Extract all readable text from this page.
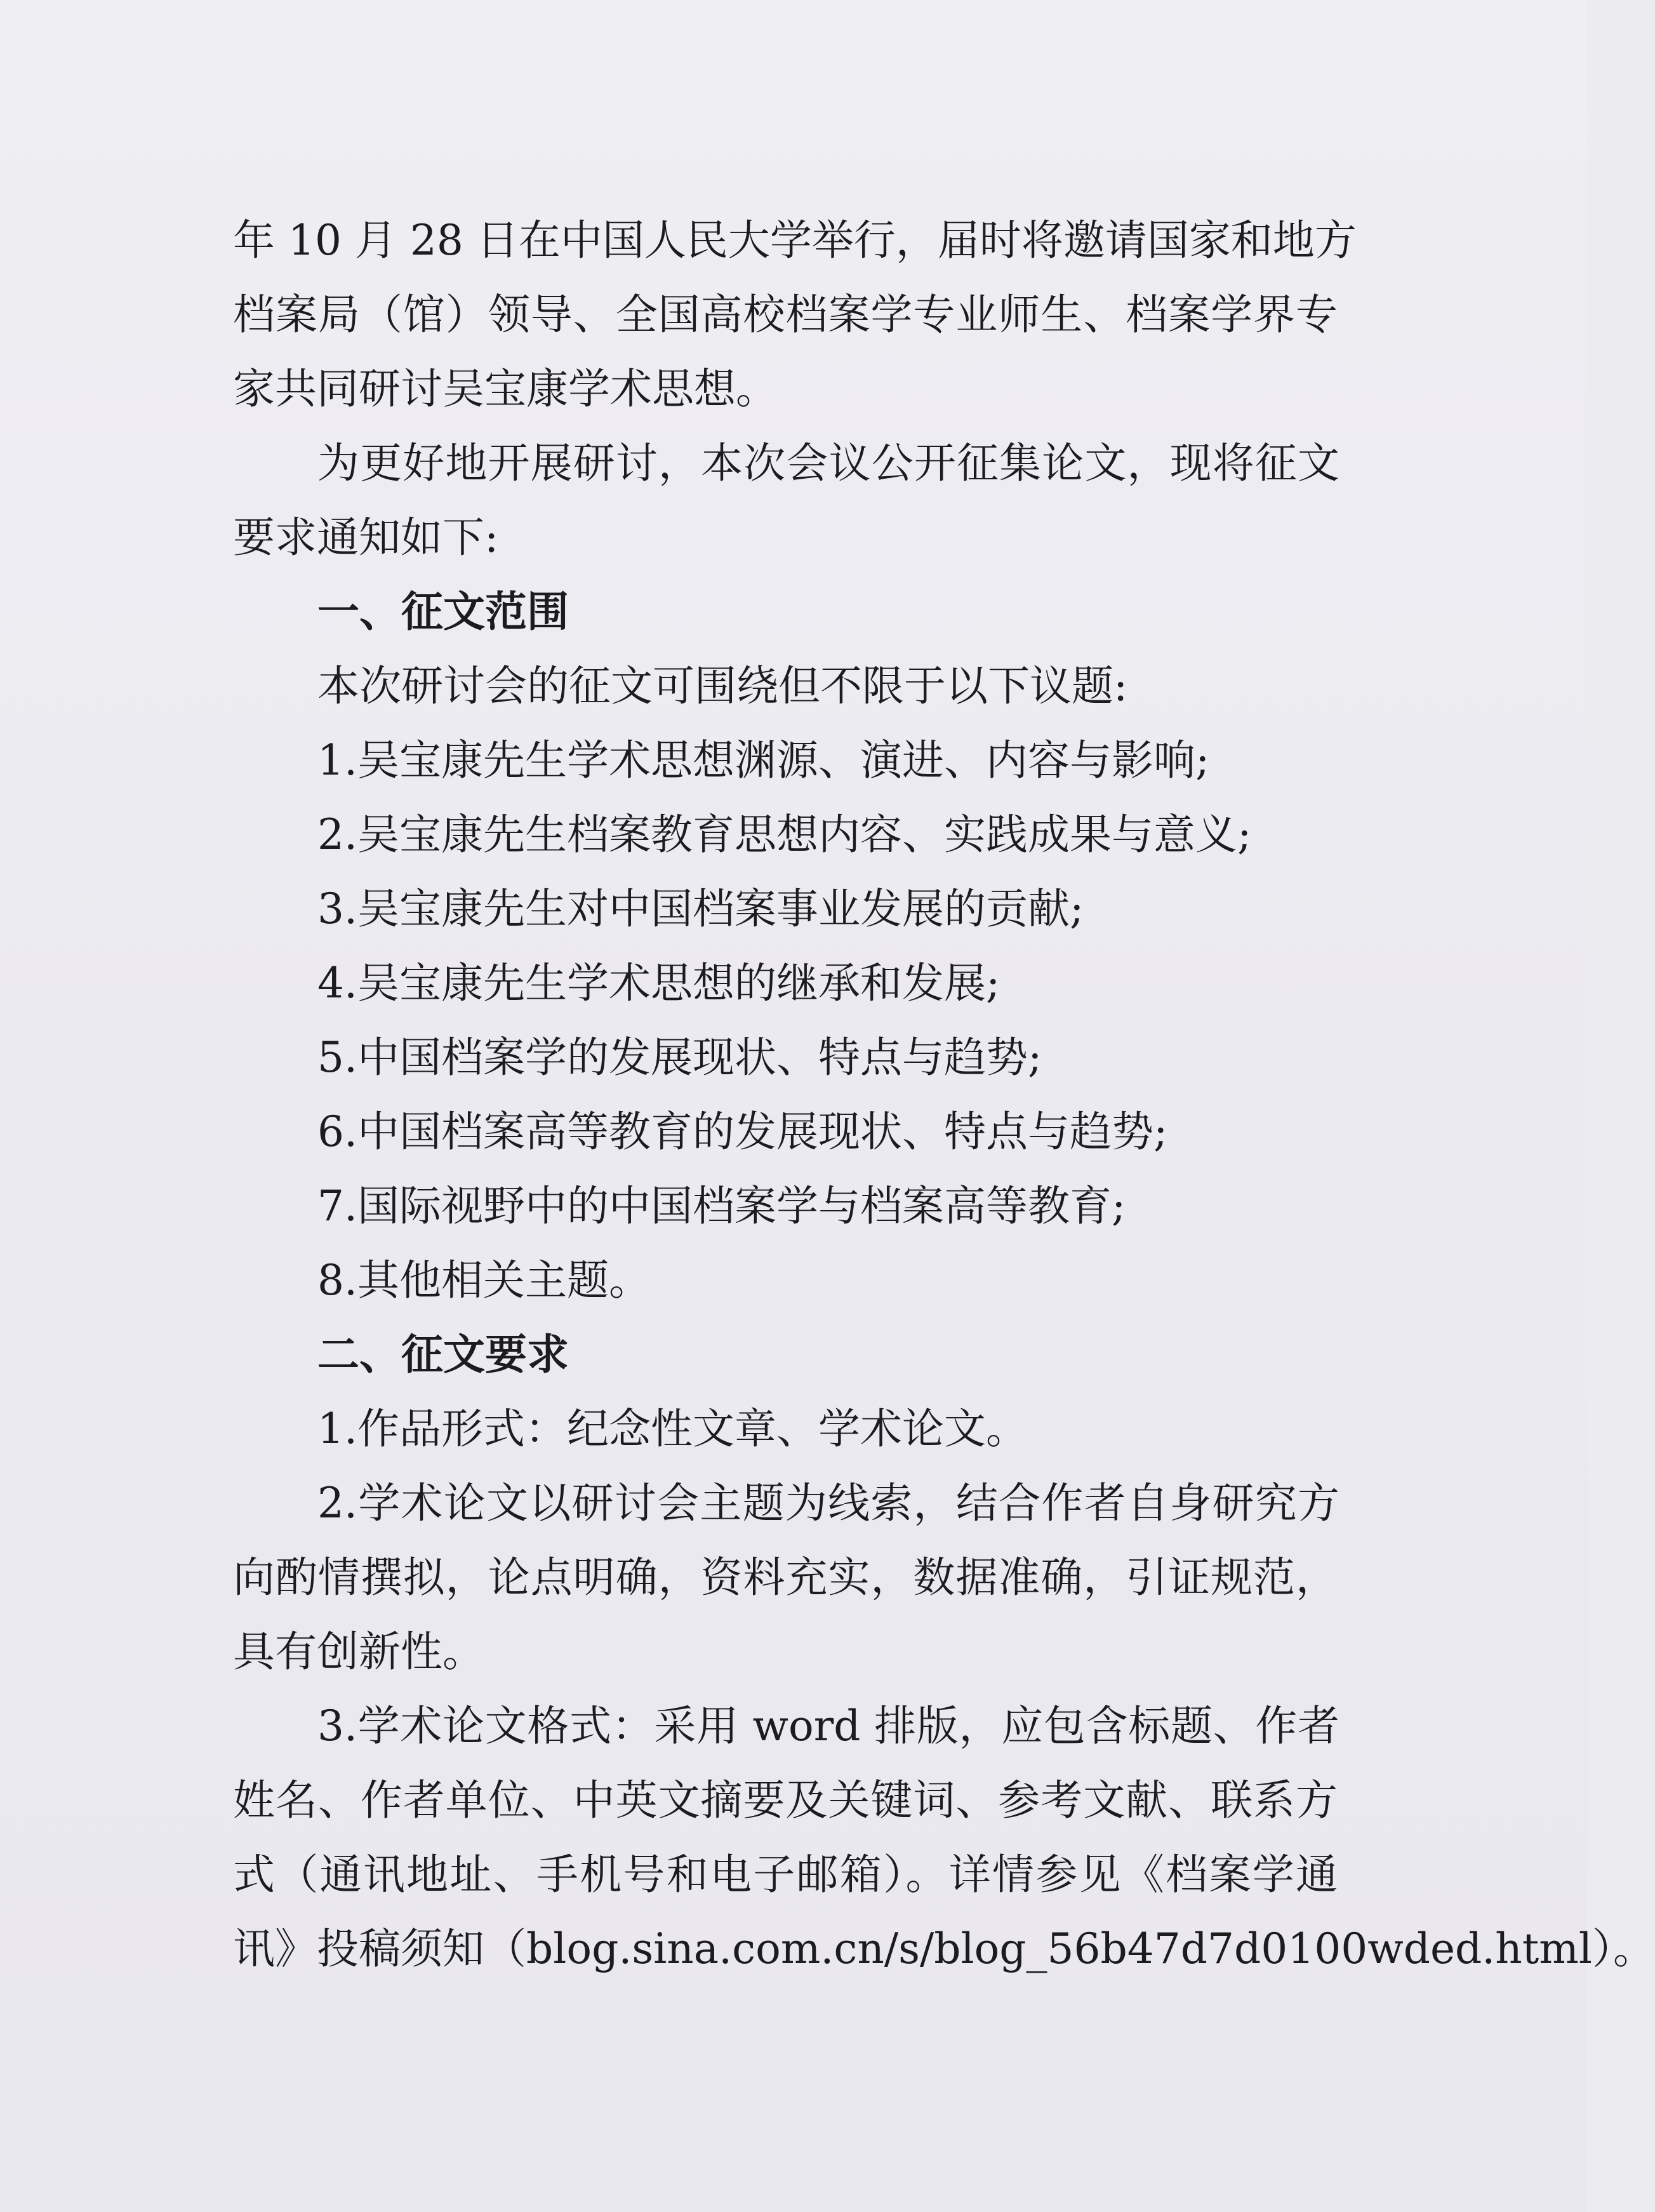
年 10 月 28 日在中国人民大学举行，届时将邀请国家和地方
档案局（馆）领导、全国高校档案学专业师生、档案学界专
家共同研讨吴宝康学术思想。
为更好地开展研讨，本次会议公开征集论文，现将征文
要求通知如下:
一、征文范围
本次研讨会的征文可围绕但不限于以下议题:
1.吴宝康先生学术思想渊源、演进、内容与影响;
2.吴宝康先生档案教育思想内容、实践成果与意义;
3.吴宝康先生对中国档案事业发展的贡献;
4.吴宝康先生学术思想的继承和发展;
5.中国档案学的发展现状、特点与趋势;
6.中国档案高等教育的发展现状、特点与趋势;
7.国际视野中的中国档案学与档案高等教育;
8.其他相关主题。
二、征文要求
1.作品形式：纪念性文章、学术论文。
2.学术论文以研讨会主题为线索，结合作者自身研究方
向酌情撰拟，论点明确，资料充实，数据准确，引证规范，
具有创新性。
3.学术论文格式：采用 word 排版，应包含标题、作者
姓名、作者单位、中英文摘要及关键词、参考文献、联系方
式（通讯地址、手机号和电子邮箱）。详情参见《档案学通
讯》投稿须知（blog.sina.com.cn/s/blog_56b47d7d0100wded.html）。
